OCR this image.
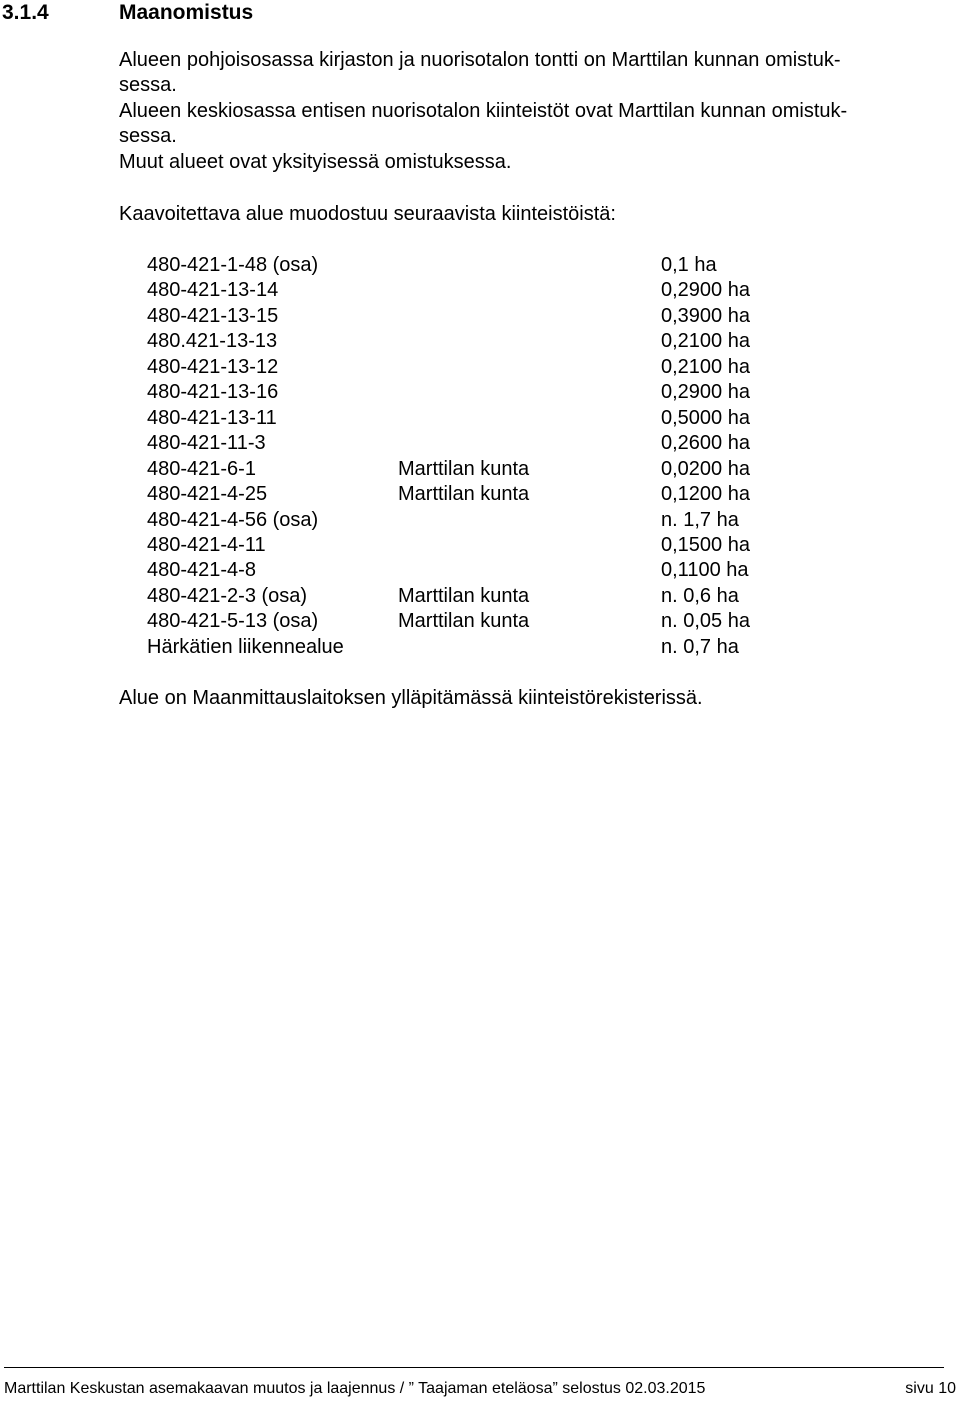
3.1.4	Maanomistus
Alueen pohjoisosassa kirjaston ja nuorisotalon tontti on Marttilan kunnan omistuk-
sessa.
Alueen keskiosassa entisen nuorisotalon kiinteistöt ovat Marttilan kunnan omistuk-
sessa.
Muut alueet ovat yksityisessä omistuksessa.
Kaavoitettava alue muodostuu seuraavista kiinteistöistä:
480-421-1-48 (osa)	0,1 ha
480-421-13-14	0,2900 ha
480-421-13-15	0,3900 ha
480.421-13-13	0,2100 ha
480-421-13-12	0,2100 ha
480-421-13-16	0,2900 ha
480-421-13-11	0,5000 ha
480-421-11-3	0,2600 ha
480-421-6-1	Marttilan kunta	0,0200 ha
480-421-4-25	Marttilan kunta	0,1200 ha
480-421-4-56 (osa)	n. 1,7 ha
480-421-4-11	0,1500 ha
480-421-4-8	0,1100 ha
480-421-2-3 (osa)	Marttilan kunta	n. 0,6 ha
480-421-5-13 (osa)	Marttilan kunta	n. 0,05 ha
Härkätien liikennealue	n. 0,7 ha
Alue on Maanmittauslaitoksen ylläpitämässä kiinteistörekisterissä.
Marttilan Keskustan asemakaavan muutos ja laajennus / ” Taajaman eteläosa” selostus 02.03.2015	sivu 10
